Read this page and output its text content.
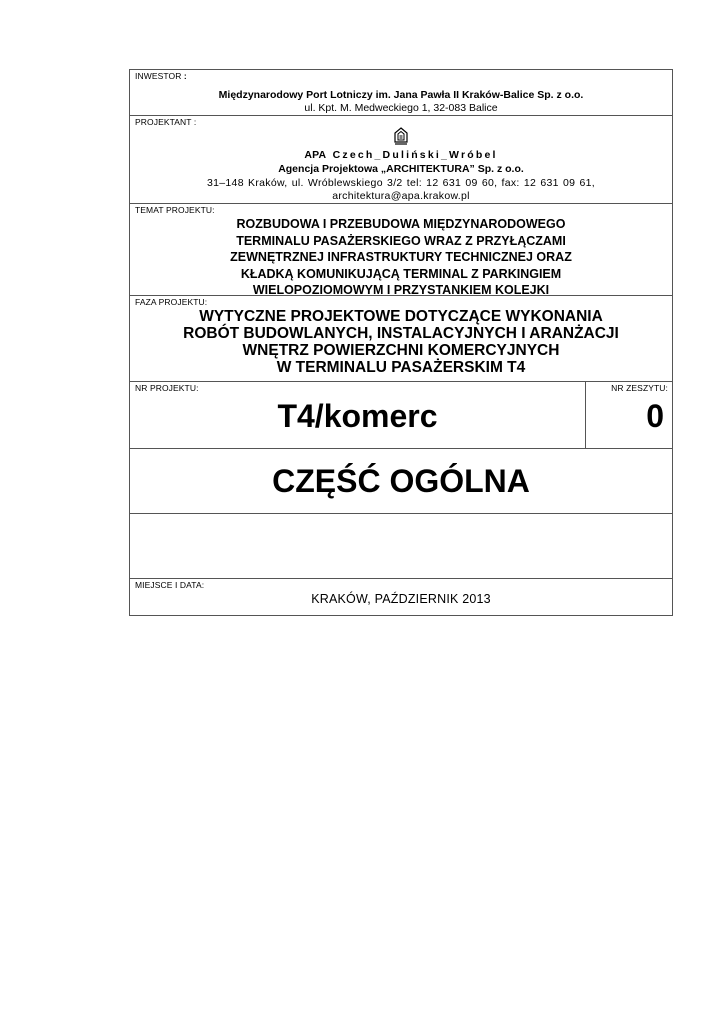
INWESTOR :
Międzynarodowy Port Lotniczy im. Jana Pawła II Kraków-Balice Sp. z o.o.
ul. Kpt. M. Medweckiego 1, 32-083 Balice
PROJEKTANT :
APA Czech_Duliński_Wróbel
Agencja Projektowa „ARCHITEKTURA” Sp. z o.o.
31–148 Kraków, ul. Wróblewskiego 3/2 tel: 12 631 09 60, fax: 12 631 09 61,
architektura@apa.krakow.pl
TEMAT PROJEKTU:
ROZBUDOWA I PRZEBUDOWA MIĘDZYNARODOWEGO
TERMINALU PASAŻERSKIEGO WRAZ Z PRZYŁĄCZAMI
ZEWNĘTRZNEJ INFRASTRUKTURY TECHNICZNEJ ORAZ
KŁADKĄ KOMUNIKUJĄCĄ TERMINAL Z PARKINGIEM
WIELOPOZIOMOWYM I PRZYSTANKIEM KOLEJKI
FAZA PROJEKTU:
WYTYCZNE PROJEKTOWE DOTYCZĄCE WYKONANIA
ROBÓT BUDOWLANYCH, INSTALACYJNYCH I ARANŻACJI
WNĘTRZ POWIERZCHNI KOMERCYJNYCH
W TERMINALU PASAŻERSKIM T4
NR PROJEKTU:
T4/komerc
NR ZESZYTU:
0
CZĘŚĆ OGÓLNA
MIEJSCE I DATA:
KRAKÓW, PAŹDZIERNIK 2013
